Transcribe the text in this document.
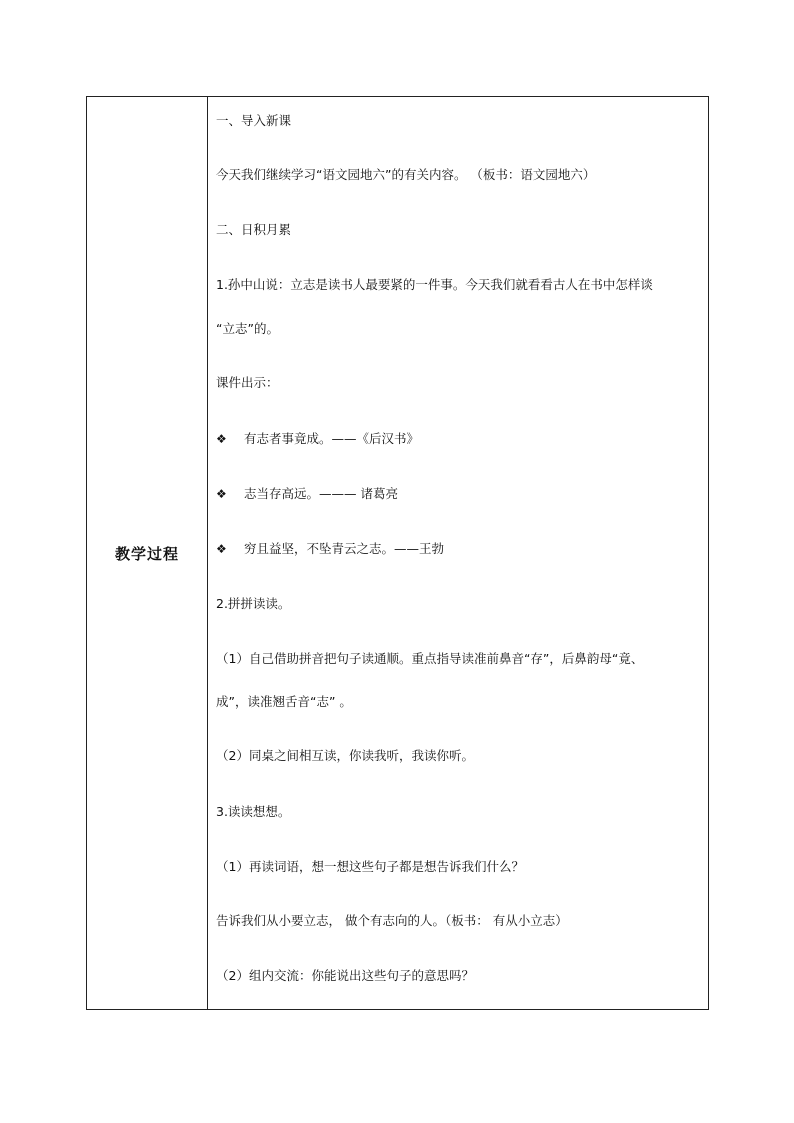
教学过程
一、导入新课
今天我们继续学习“语文园地六”的有关内容。 （板书：语文园地六）
二、日积月累
1.孙中山说：立志是读书人最要紧的一件事。今天我们就看看古人在书中怎样谈
“立志”的。
课件出示：
❖ 有志者事竟成。——《后汉书》
❖ 志当存高远。——— 诸葛亮
❖ 穷且益坚，不坠青云之志。——王勃
2.拼拼读读。
（1）自己借助拼音把句子读通顺。重点指导读准前鼻音“存”，后鼻韵母“竟、
成”，读准翘舌音“志” 。
（2）同桌之间相互读，你读我听，我读你听。
3.读读想想。
（1）再读词语，想一想这些句子都是想告诉我们什么？
告诉我们从小要立志， 做个有志向的人。（板书： 有从小立志）
（2）组内交流：你能说出这些句子的意思吗？
